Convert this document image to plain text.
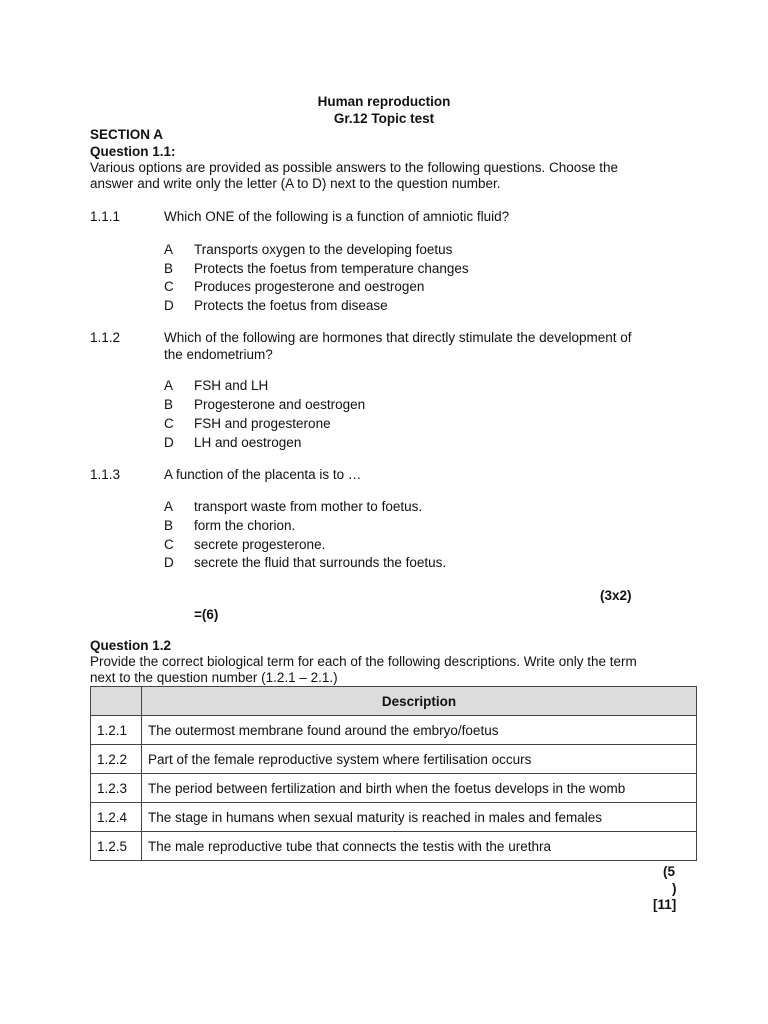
Human reproduction
Gr.12 Topic test
SECTION A
Question 1.1:
Various options are provided as possible answers to the following questions. Choose the
answer and write only the letter (A to D) next to the question number.
1.1.1	Which ONE of the following is a function of amniotic fluid?
A Transports oxygen to the developing foetus
B Protects the foetus from temperature changes
C Produces progesterone and oestrogen
D Protects the foetus from disease
1.1.2	Which of the following are hormones that directly stimulate the development of
the endometrium?
A FSH and LH
B Progesterone and oestrogen
C FSH and progesterone
D LH and oestrogen
1.1.3	A function of the placenta is to …
A transport waste from mother to foetus.
B form the chorion.
C secrete progesterone.
D secrete the fluid that surrounds the foetus.
(3x2)
=(6)
Question 1.2
Provide the correct biological term for each of the following descriptions. Write only the term
next to the question number (1.2.1 – 2.1.)
	Description
1.2.1	The outermost membrane found around the embryo/foetus
1.2.2	Part of the female reproductive system where fertilisation occurs
1.2.3	The period between fertilization and birth when the foetus develops in the womb
1.2.4	The stage in humans when sexual maturity is reached in males and females
1.2.5	The male reproductive tube that connects the testis with the urethra
(5
)
[11]
